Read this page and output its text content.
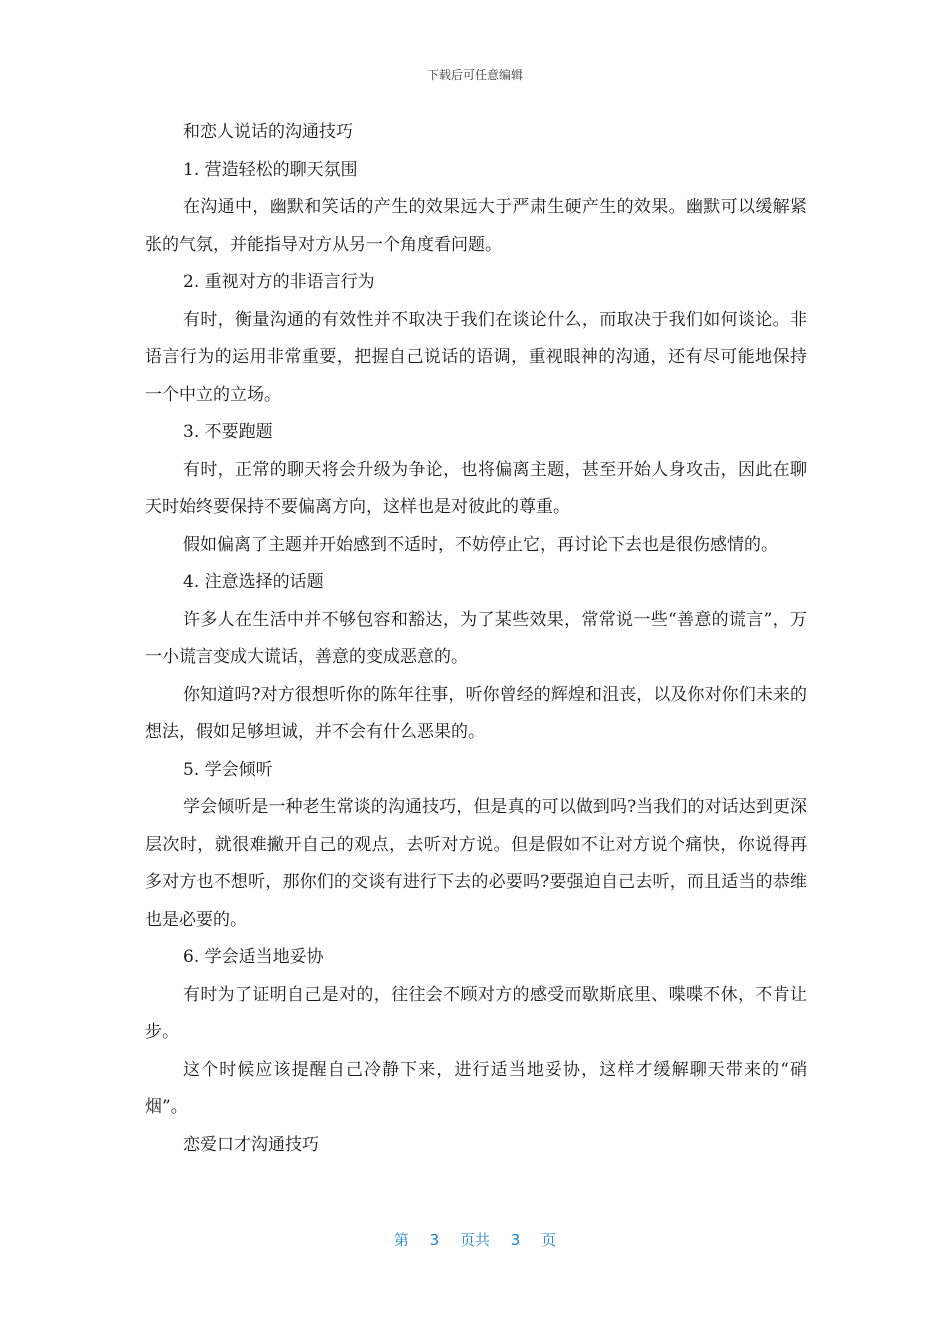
下载后可任意编辑

和恋人说话的沟通技巧

1. 营造轻松的聊天氛围

在沟通中，幽默和笑话的产生的效果远大于严肃生硬产生的效果。幽默可以缓解紧张的气氛，并能指导对方从另一个角度看问题。

2. 重视对方的非语言行为

有时，衡量沟通的有效性并不取决于我们在谈论什么，而取决于我们如何谈论。非语言行为的运用非常重要，把握自己说话的语调，重视眼神的沟通，还有尽可能地保持一个中立的立场。

3. 不要跑题

有时，正常的聊天将会升级为争论，也将偏离主题，甚至开始人身攻击，因此在聊天时始终要保持不要偏离方向，这样也是对彼此的尊重。

假如偏离了主题并开始感到不适时，不妨停止它，再讨论下去也是很伤感情的。

4. 注意选择的话题

许多人在生活中并不够包容和豁达，为了某些效果，常常说一些“善意的谎言”，万一小谎言变成大谎话，善意的变成恶意的。

你知道吗?对方很想听你的陈年往事，听你曾经的辉煌和沮丧，以及你对你们未来的想法，假如足够坦诚，并不会有什么恶果的。

5. 学会倾听

学会倾听是一种老生常谈的沟通技巧，但是真的可以做到吗?当我们的对话达到更深层次时，就很难撇开自己的观点，去听对方说。但是假如不让对方说个痛快，你说得再多对方也不想听，那你们的交谈有进行下去的必要吗?要强迫自己去听，而且适当的恭维也是必要的。

6. 学会适当地妥协

有时为了证明自己是对的，往往会不顾对方的感受而歇斯底里、喋喋不休，不肯让步。

这个时候应该提醒自己冷静下来，进行适当地妥协，这样才缓解聊天带来的“硝烟”。

恋爱口才沟通技巧

第 3 页共 3 页
